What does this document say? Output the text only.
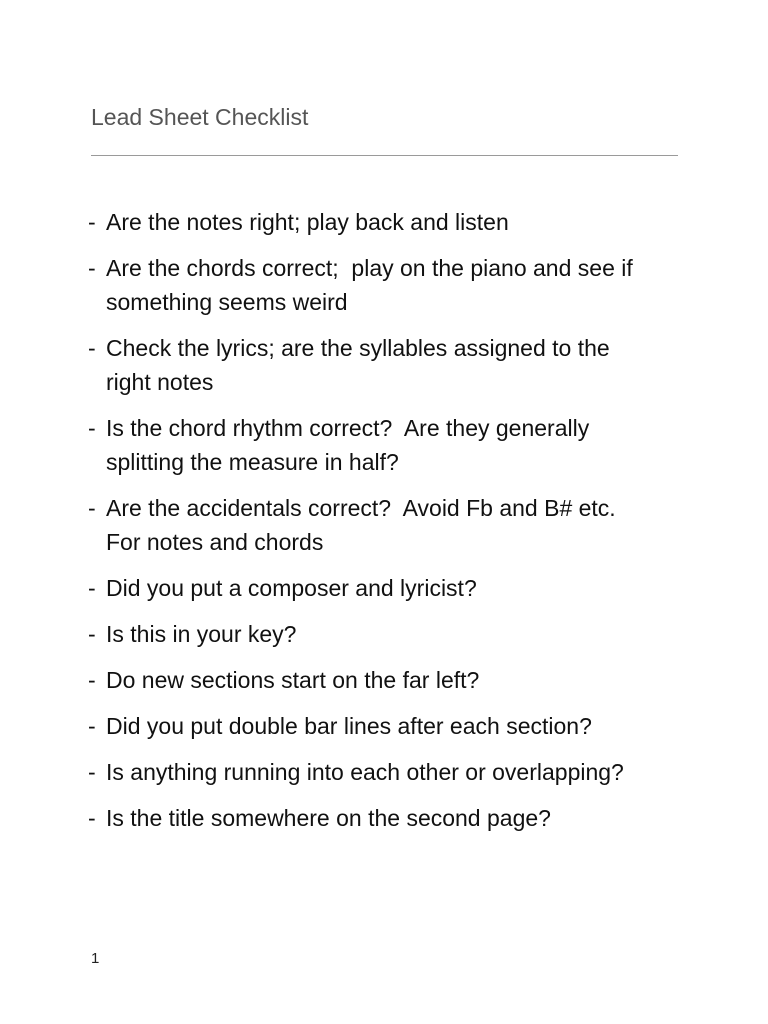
Lead Sheet Checklist
- Are the notes right; play back and listen
- Are the chords correct;  play on the piano and see if
something seems weird
- Check the lyrics; are the syllables assigned to the
right notes
- Is the chord rhythm correct?  Are they generally
splitting the measure in half?
- Are the accidentals correct?  Avoid Fb and B# etc.
For notes and chords
- Did you put a composer and lyricist?
- Is this in your key?
- Do new sections start on the far left?
- Did you put double bar lines after each section?
- Is anything running into each other or overlapping?
- Is the title somewhere on the second page?
1
